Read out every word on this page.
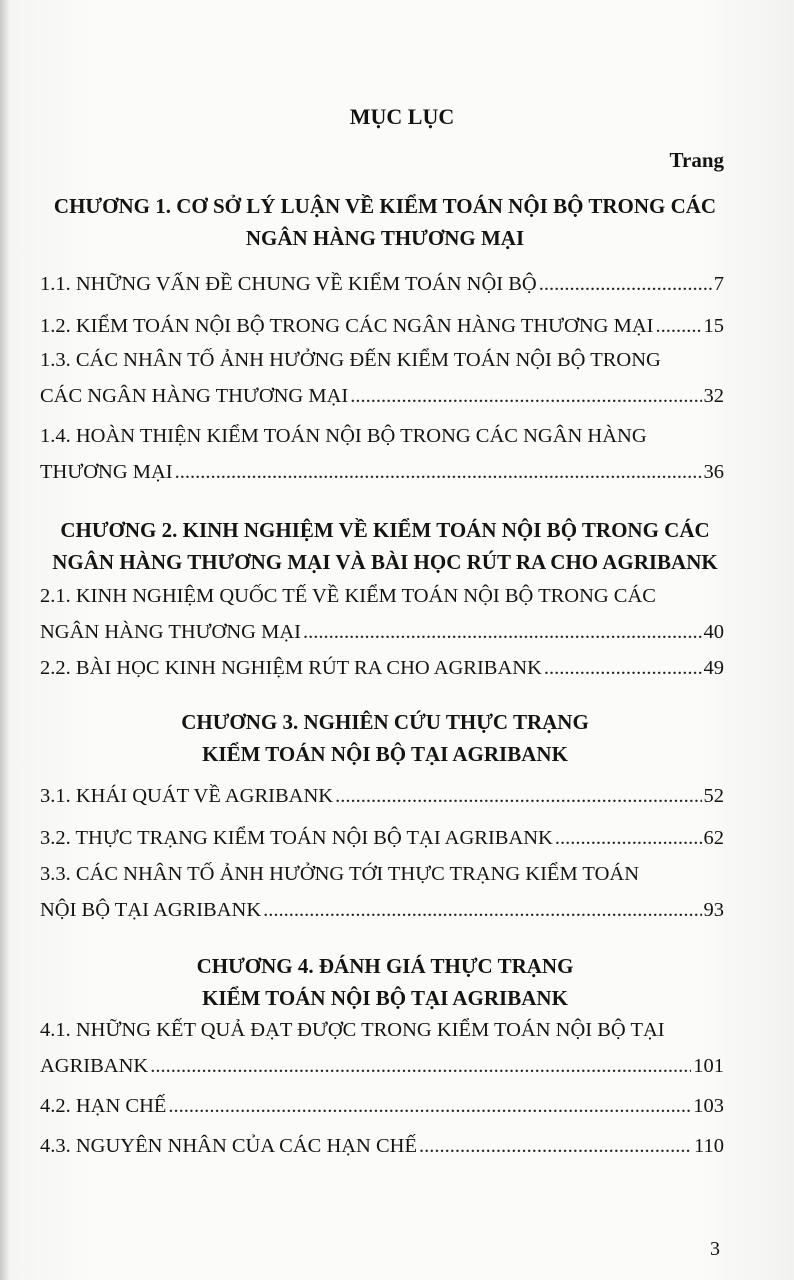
MỤC LỤC
Trang
CHƯƠNG 1. CƠ SỞ LÝ LUẬN VỀ KIỂM TOÁN NỘI BỘ TRONG CÁC
NGÂN HÀNG THƯƠNG MẠI
1.1. NHỮNG VẤN ĐỀ CHUNG VỀ KIỂM TOÁN NỘI BỘ .....	7
1.2. KIỂM TOÁN NỘI BỘ TRONG CÁC NGÂN HÀNG THƯƠNG MẠI ..... 15
1.3. CÁC NHÂN TỐ ẢNH HƯỞNG ĐẾN KIỂM TOÁN NỘI BỘ TRONG
CÁC NGÂN HÀNG THƯƠNG MẠI .....	32
1.4. HOÀN THIỆN KIỂM TOÁN NỘI BỘ TRONG CÁC NGÂN HÀNG
THƯƠNG MẠI .....	36
CHƯƠNG 2. KINH NGHIỆM VỀ KIỂM TOÁN NỘI BỘ TRONG CÁC
NGÂN HÀNG THƯƠNG MẠI VÀ BÀI HỌC RÚT RA CHO AGRIBANK
2.1. KINH NGHIỆM QUỐC TẾ VỀ KIỂM TOÁN NỘI BỘ TRONG CÁC
NGÂN HÀNG THƯƠNG MẠI .....	40
2.2. BÀI HỌC KINH NGHIỆM RÚT RA CHO AGRIBANK .....	49
CHƯƠNG 3. NGHIÊN CỨU THỰC TRẠNG
KIỂM TOÁN NỘI BỘ TẠI AGRIBANK
3.1. KHÁI QUÁT VỀ AGRIBANK .....	52
3.2. THỰC TRẠNG KIỂM TOÁN NỘI BỘ TẠI AGRIBANK .....	62
3.3. CÁC NHÂN TỐ ẢNH HƯỞNG TỚI THỰC TRẠNG KIỂM TOÁN
NỘI BỘ TẠI AGRIBANK .....	93
CHƯƠNG 4. ĐÁNH GIÁ THỰC TRẠNG
KIỂM TOÁN NỘI BỘ TẠI AGRIBANK
4.1. NHỮNG KẾT QUẢ ĐẠT ĐƯỢC TRONG KIỂM TOÁN NỘI BỘ TẠI
AGRIBANK .....	101
4.2. HẠN CHẾ .....	103
4.3. NGUYÊN NHÂN CỦA CÁC HẠN CHẾ .....	110
3
